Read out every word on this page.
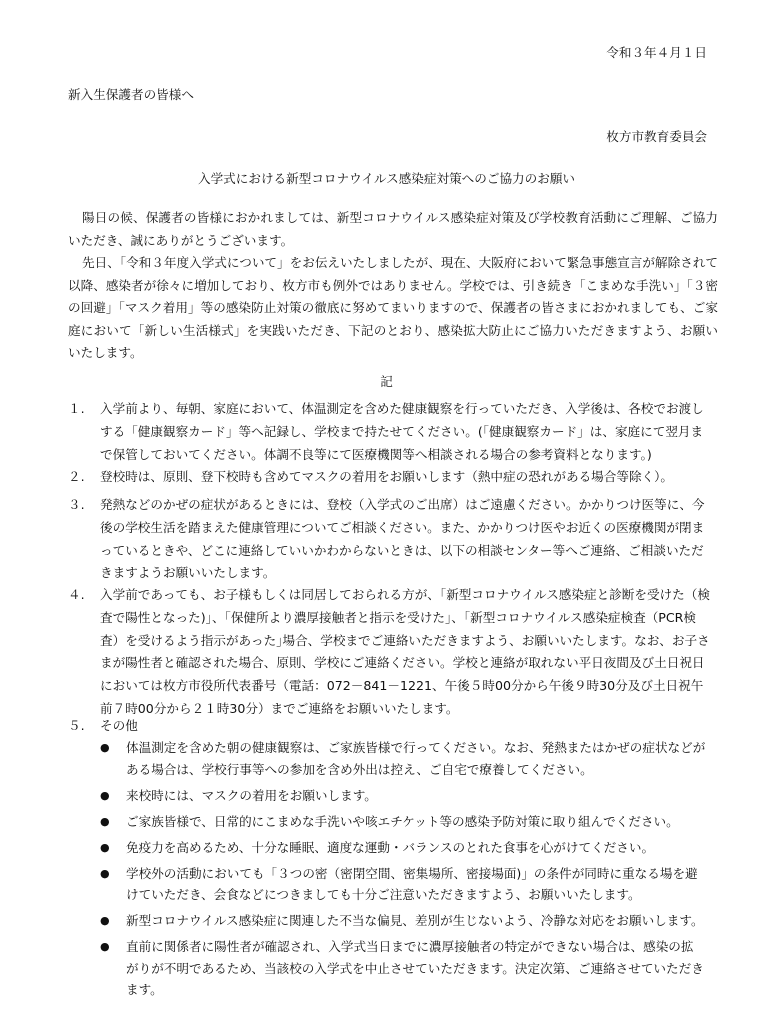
令和３年４月１日
新入生保護者の皆様へ
枚方市教育委員会
入学式における新型コロナウイルス感染症対策へのご協力のお願い
陽日の候、保護者の皆様におかれましては、新型コロナウイルス感染症対策及び学校教育活動にご理解、ご協力いただき、誠にありがとうございます。
先日、「令和３年度入学式について」をお伝えいたしましたが、現在、大阪府において緊急事態宣言が解除されて以降、感染者が徐々に増加しており、枚方市も例外ではありません。学校では、引き続き「こまめな手洗い」「３密の回避」「マスク着用」等の感染防止対策の徹底に努めてまいりますので、保護者の皆さまにおかれましても、ご家庭において「新しい生活様式」を実践いただき、下記のとおり、感染拡大防止にご協力いただきますよう、お願いいたします。
記
１.	入学前より、毎朝、家庭において、体温測定を含めた健康観察を行っていただき、入学後は、各校でお渡しする「健康観察カード」等へ記録し、学校まで持たせてください。(「健康観察カード」は、家庭にて翌月まで保管しておいてください。体調不良等にて医療機関等へ相談される場合の参考資料となります。)
２.	登校時は、原則、登下校時も含めてマスクの着用をお願いします（熱中症の恐れがある場合等除く）。
３.	発熱などのかぜの症状があるときには、登校（入学式のご出席）はご遠慮ください。かかりつけ医等に、今後の学校生活を踏まえた健康管理についてご相談ください。また、かかりつけ医やお近くの医療機関が閉まっているときや、どこに連絡していいかわからないときは、以下の相談センター等へご連絡、ご相談いただきますようお願いいたします。
４.	入学前であっても、お子様もしくは同居しておられる方が、｢新型コロナウイルス感染症と診断を受けた（検査で陽性となった)｣、｢保健所より濃厚接触者と指示を受けた｣、｢新型コロナウイルス感染症検査（PCR検査）を受けるよう指示があった｣場合、学校までご連絡いただきますよう、お願いいたします。なお、お子さまが陽性者と確認された場合、原則、学校にご連絡ください。学校と連絡が取れない平日夜間及び土日祝日においては枚方市役所代表番号（電話：072－841－1221、午後５時00分から午後９時30分及び土日祝午前７時00分から２１時30分）までご連絡をお願いいたします。
５.	その他
● 体温測定を含めた朝の健康観察は、ご家族皆様で行ってください。なお、発熱またはかぜの症状などがある場合は、学校行事等への参加を含め外出は控え、ご自宅で療養してください。
● 来校時には、マスクの着用をお願いします。
● ご家族皆様で、日常的にこまめな手洗いや咳エチケット等の感染予防対策に取り組んでください。
● 免疫力を高めるため、十分な睡眠、適度な運動・バランスのとれた食事を心がけてください。
● 学校外の活動においても「３つの密（密閉空間、密集場所、密接場面)」の条件が同時に重なる場を避けていただき、会食などにつきましても十分ご注意いただきますよう、お願いいたします。
● 新型コロナウイルス感染症に関連した不当な偏見、差別が生じないよう、冷静な対応をお願いします。
● 直前に関係者に陽性者が確認され、入学式当日までに濃厚接触者の特定ができない場合は、感染の拡がりが不明であるため、当該校の入学式を中止させていただきます。決定次第、ご連絡させていただきます。
